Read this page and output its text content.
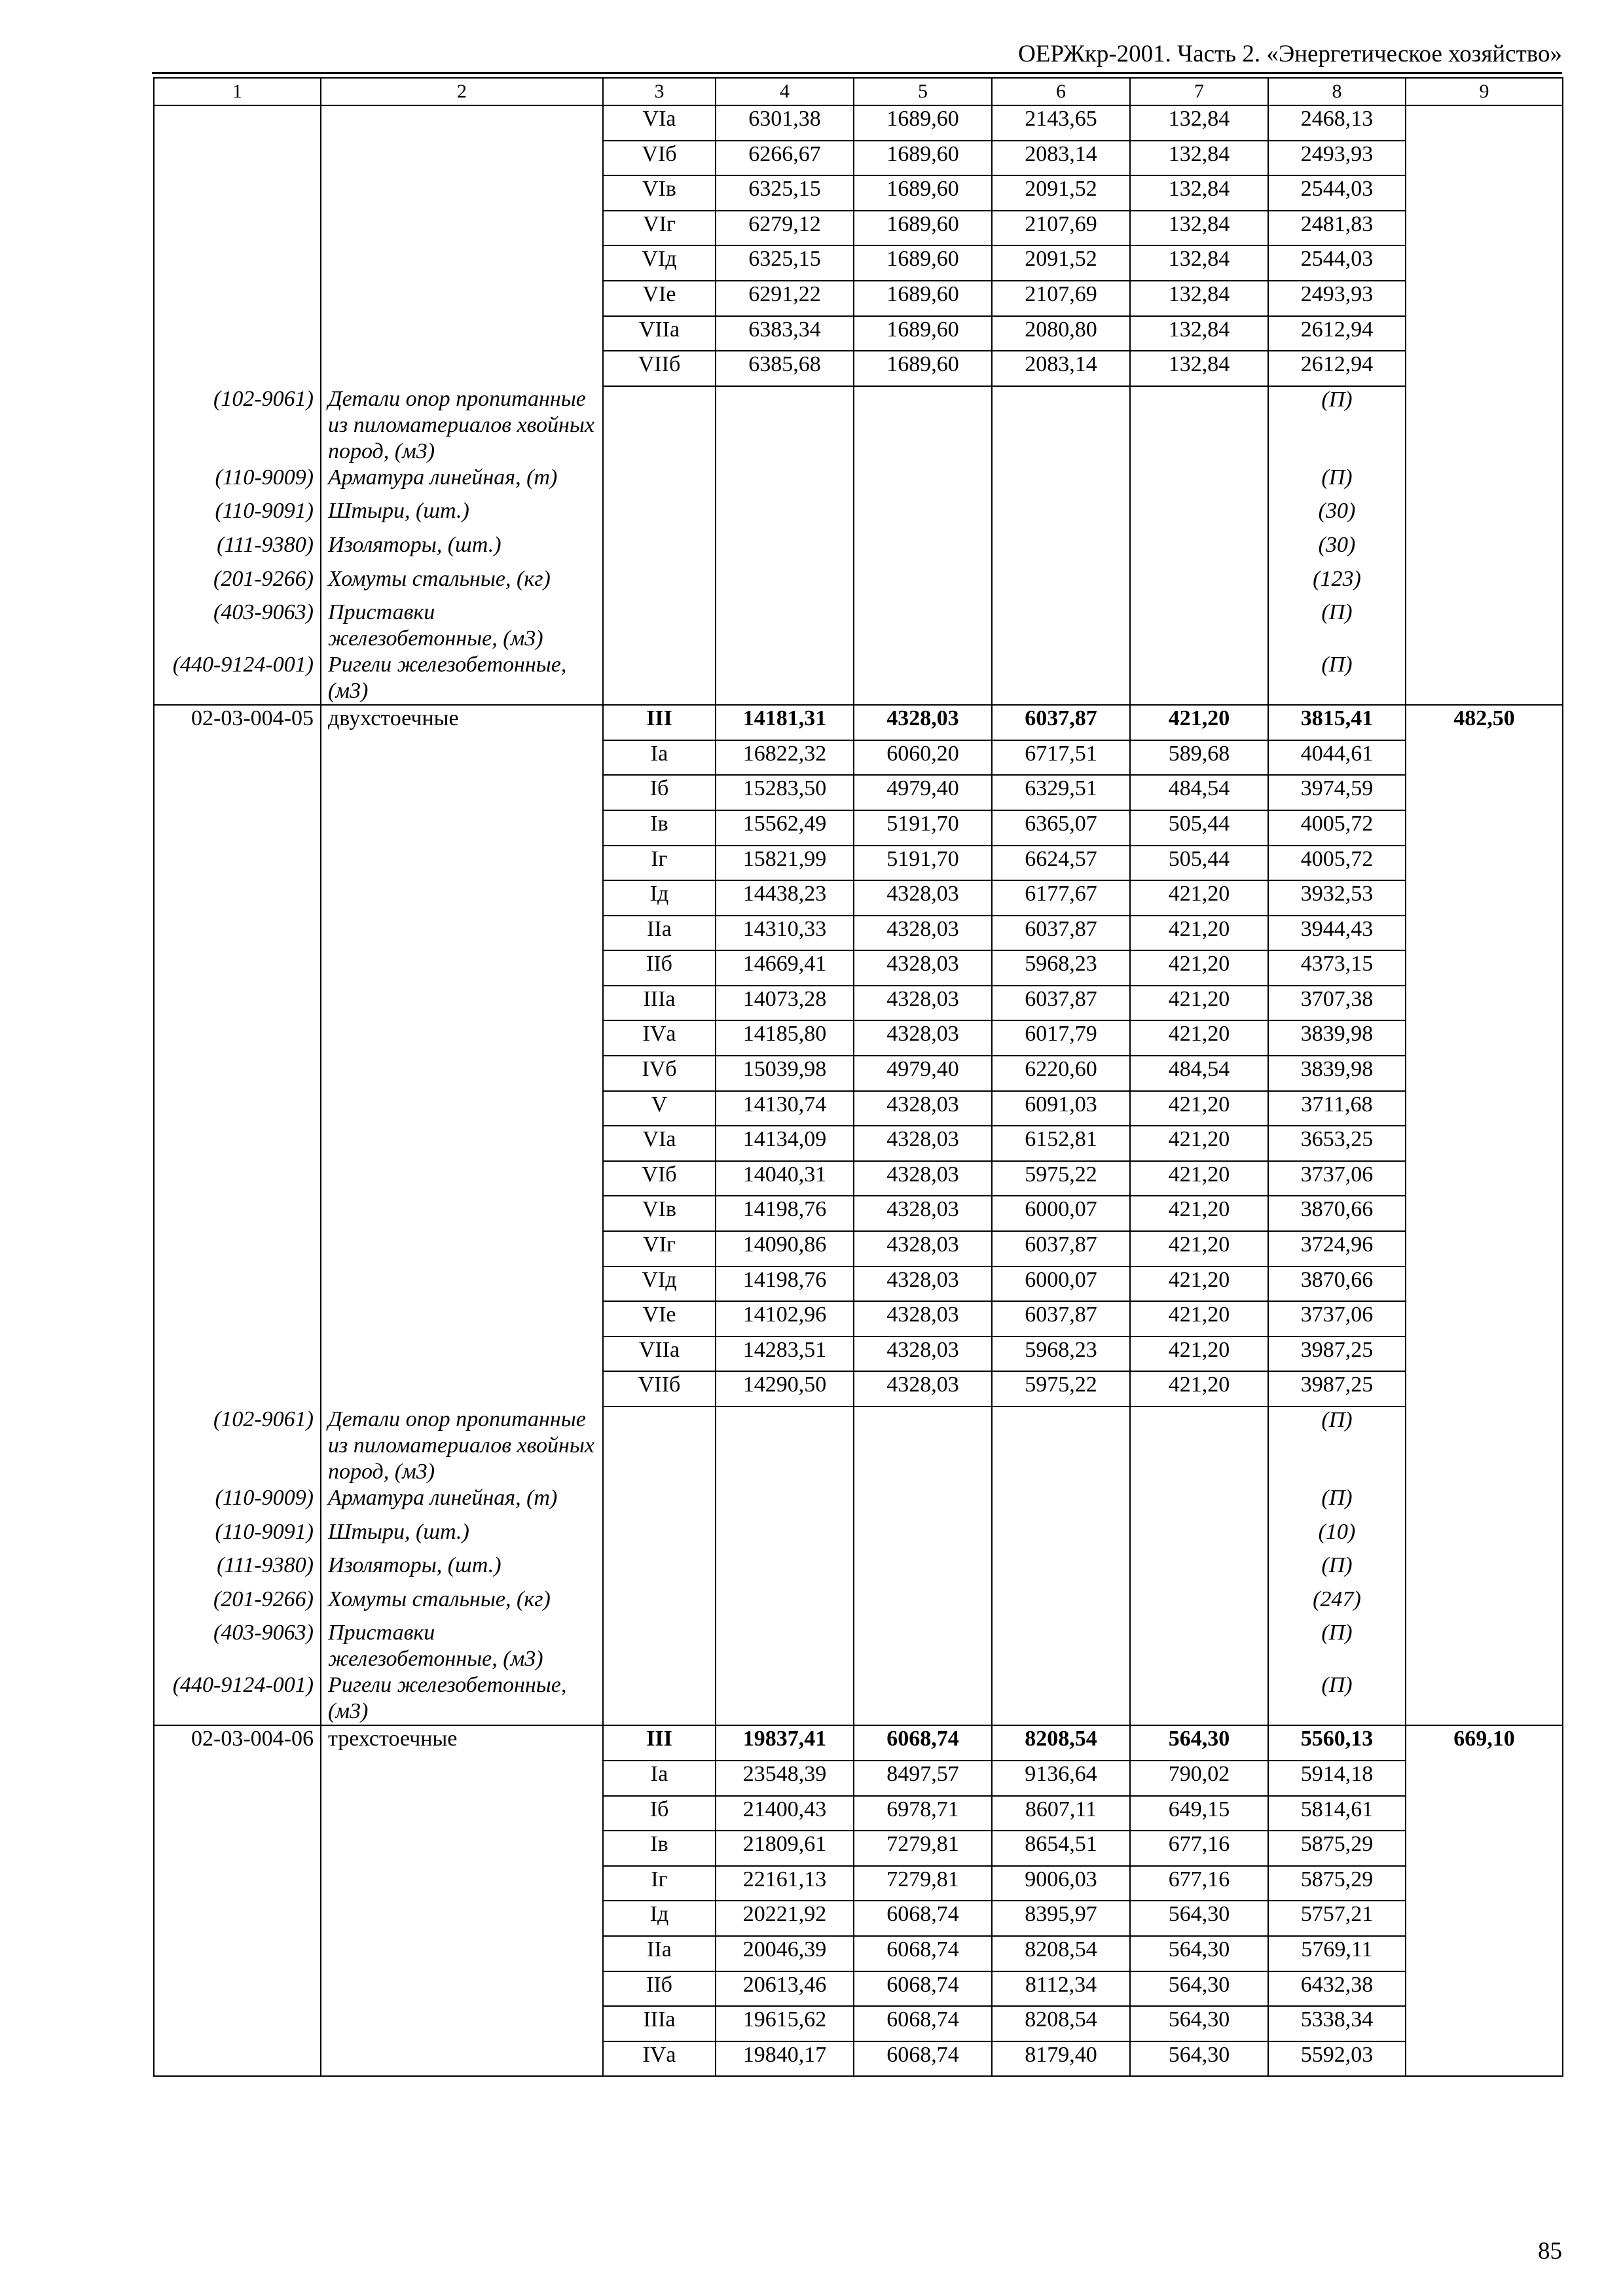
ОЕРЖкр-2001. Часть 2. «Энергетическое хозяйство»
1	2	3	4	5	6	7	8	9
		VIа	6301,38	1689,60	2143,65	132,84	2468,13	
		VIб	6266,67	1689,60	2083,14	132,84	2493,93	
		VIв	6325,15	1689,60	2091,52	132,84	2544,03	
		VIг	6279,12	1689,60	2107,69	132,84	2481,83	
		VIд	6325,15	1689,60	2091,52	132,84	2544,03	
		VIе	6291,22	1689,60	2107,69	132,84	2493,93	
		VIIа	6383,34	1689,60	2080,80	132,84	2612,94	
		VIIб	6385,68	1689,60	2083,14	132,84	2612,94	
(102-9061)	Детали опор пропитанные из пиломатериалов хвойных пород, (м3)						(П)	
(110-9009)	Арматура линейная, (т)						(П)	
(110-9091)	Штыри, (шт.)						(30)	
(111-9380)	Изоляторы, (шт.)						(30)	
(201-9266)	Хомуты стальные, (кг)						(123)	
(403-9063)	Приставки железобетонные, (м3)						(П)	
(440-9124-001)	Ригели железобетонные, (м3)						(П)	
02-03-004-05	двухстоечные	III	14181,31	4328,03	6037,87	421,20	3815,41	482,50
		Iа	16822,32	6060,20	6717,51	589,68	4044,61	
		Iб	15283,50	4979,40	6329,51	484,54	3974,59	
		Iв	15562,49	5191,70	6365,07	505,44	4005,72	
		Iг	15821,99	5191,70	6624,57	505,44	4005,72	
		Iд	14438,23	4328,03	6177,67	421,20	3932,53	
		IIа	14310,33	4328,03	6037,87	421,20	3944,43	
		IIб	14669,41	4328,03	5968,23	421,20	4373,15	
		IIIа	14073,28	4328,03	6037,87	421,20	3707,38	
		IVа	14185,80	4328,03	6017,79	421,20	3839,98	
		IVб	15039,98	4979,40	6220,60	484,54	3839,98	
		V	14130,74	4328,03	6091,03	421,20	3711,68	
		VIа	14134,09	4328,03	6152,81	421,20	3653,25	
		VIб	14040,31	4328,03	5975,22	421,20	3737,06	
		VIв	14198,76	4328,03	6000,07	421,20	3870,66	
		VIг	14090,86	4328,03	6037,87	421,20	3724,96	
		VIд	14198,76	4328,03	6000,07	421,20	3870,66	
		VIе	14102,96	4328,03	6037,87	421,20	3737,06	
		VIIа	14283,51	4328,03	5968,23	421,20	3987,25	
		VIIб	14290,50	4328,03	5975,22	421,20	3987,25	
(102-9061)	Детали опор пропитанные из пиломатериалов хвойных пород, (м3)						(П)	
(110-9009)	Арматура линейная, (т)						(П)	
(110-9091)	Штыри, (шт.)						(10)	
(111-9380)	Изоляторы, (шт.)						(П)	
(201-9266)	Хомуты стальные, (кг)						(247)	
(403-9063)	Приставки железобетонные, (м3)						(П)	
(440-9124-001)	Ригели железобетонные, (м3)						(П)	
02-03-004-06	трехстоечные	III	19837,41	6068,74	8208,54	564,30	5560,13	669,10
		Iа	23548,39	8497,57	9136,64	790,02	5914,18	
		Iб	21400,43	6978,71	8607,11	649,15	5814,61	
		Iв	21809,61	7279,81	8654,51	677,16	5875,29	
		Iг	22161,13	7279,81	9006,03	677,16	5875,29	
		Iд	20221,92	6068,74	8395,97	564,30	5757,21	
		IIа	20046,39	6068,74	8208,54	564,30	5769,11	
		IIб	20613,46	6068,74	8112,34	564,30	6432,38	
		IIIа	19615,62	6068,74	8208,54	564,30	5338,34	
		IVа	19840,17	6068,74	8179,40	564,30	5592,03	
85
